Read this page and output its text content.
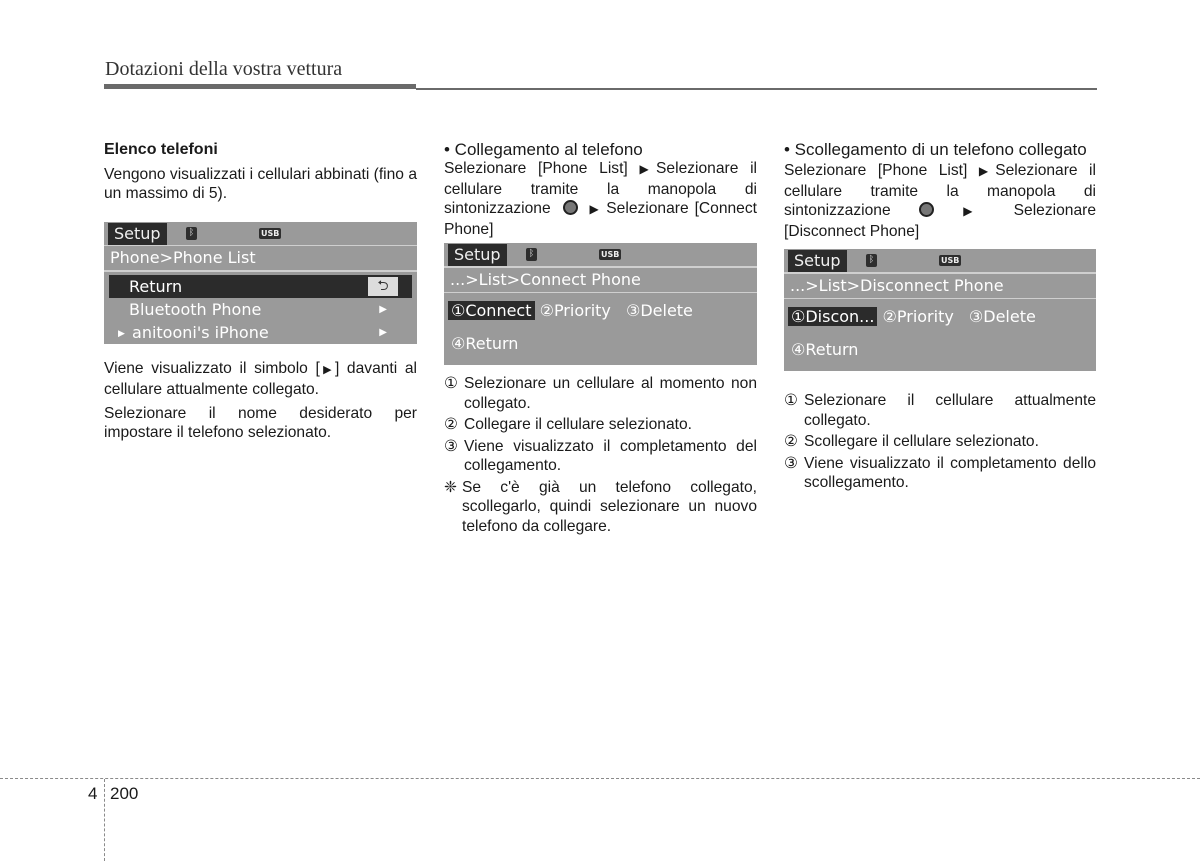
Dotazioni della vostra vettura

Elenco telefoni

Vengono visualizzati i cellulari abbinati (fino a un massimo di 5).

Setup	ᛒ	USB
Phone>Phone List
Return	⮌
Bluetooth Phone	▶
▶ anitooni's iPhone	▶

Viene visualizzato il simbolo [▶] davanti al cellulare attualmente collegato.

Selezionare il nome desiderato per impostare il telefono selezionato.

• Collegamento al telefono

Selezionare [Phone List] ▶Selezionare il cellulare tramite la manopola di sintonizzazione	▶ Selezionare [Connect Phone]

Setup	ᛒ	USB
...>List>Connect Phone
①Connect ②Priority ③Delete
④Return
① Selezionare un cellulare al momento non collegato.
② Collegare il cellulare selezionato.
③ Viene visualizzato il completamento del collegamento.
❈ Se c'è già un telefono collegato, scollegarlo, quindi selezionare un nuovo telefono da collegare.

• Scollegamento di un telefono collegato

Selezionare [Phone List] ▶Selezionare il cellulare tramite la manopola di sintonizzazione	▶ Selezionare [Disconnect Phone]

Setup	ᛒ	USB
...>List>Disconnect Phone
①Discon... ②Priority ③Delete
④Return
① Selezionare il cellulare attualmente collegato.
② Scollegare il cellulare selezionato.
③ Viene visualizzato il completamento dello scollegamento.
4 200
